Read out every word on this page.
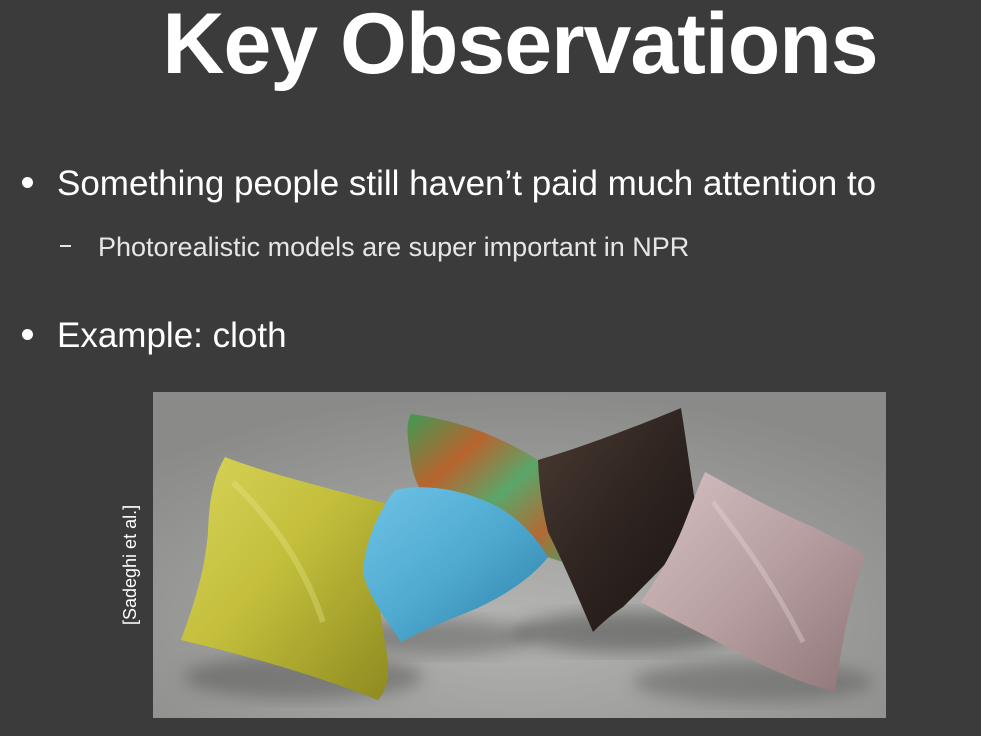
Key Observations
Something people still haven’t paid much attention to
Photorealistic models are super important in NPR
Example: cloth
[Sadeghi et al.]
